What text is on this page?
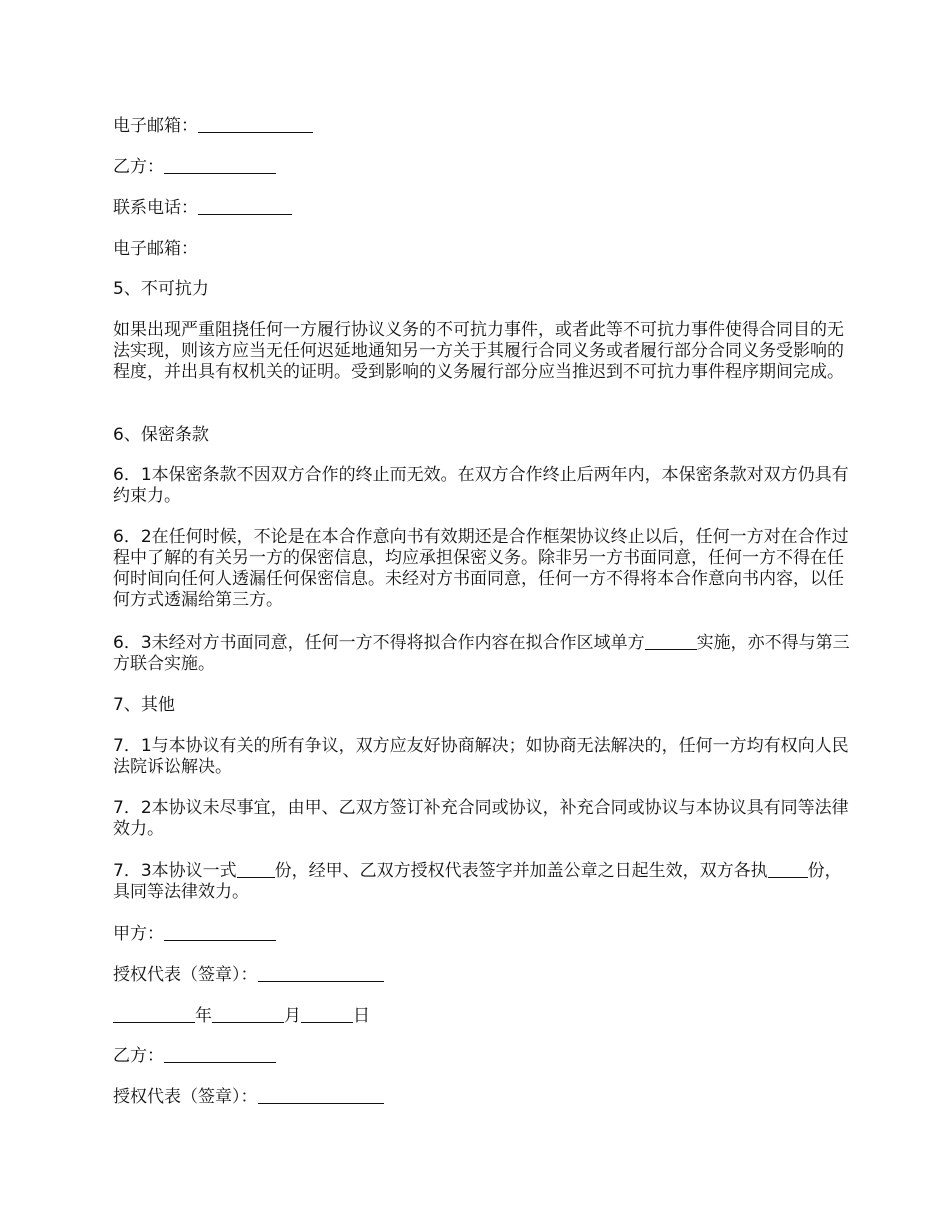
电子邮箱：

乙方：

联系电话：

电子邮箱：

5、不可抗力

如果出现严重阻挠任何一方履行协议义务的不可抗力事件，或者此等不可抗力事件使得合同目的无法实现，则该方应当无任何迟延地通知另一方关于其履行合同义务或者履行部分合同义务受影响的程度，并出具有权机关的证明。受到影响的义务履行部分应当推迟到不可抗力事件程序期间完成。

6、保密条款

6．1本保密条款不因双方合作的终止而无效。在双方合作终止后两年内，本保密条款对双方仍具有约束力。

6．2在任何时候，不论是在本合作意向书有效期还是合作框架协议终止以后，任何一方对在合作过程中了解的有关另一方的保密信息，均应承担保密义务。除非另一方书面同意，任何一方不得在任何时间向任何人透漏任何保密信息。未经对方书面同意，任何一方不得将本合作意向书内容，以任何方式透漏给第三方。

6．3未经对方书面同意，任何一方不得将拟合作内容在拟合作区域单方	实施，亦不得与第三方联合实施。

7、其他

7．1与本协议有关的所有争议，双方应友好协商解决；如协商无法解决的，任何一方均有权向人民法院诉讼解决。

7．2本协议未尽事宜，由甲、乙双方签订补充合同或协议，补充合同或协议与本协议具有同等法律效力。

7．3本协议一式 份，经甲、乙双方授权代表签字并加盖公章之日起生效，双方各执 份，具同等法律效力。

甲方：

授权代表（签章）：

年	月	日

乙方：

授权代表（签章）：
